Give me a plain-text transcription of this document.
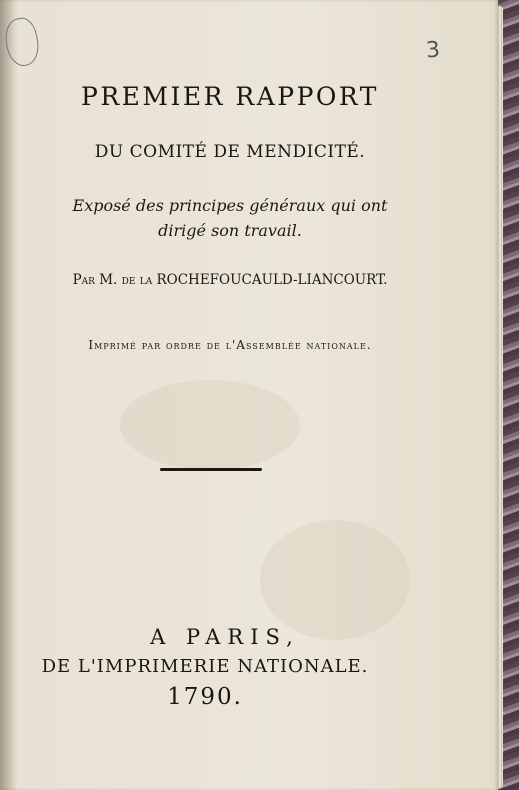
3
PREMIER RAPPORT
DU COMITÉ DE MENDICITÉ.
Exposé des principes généraux qui ont dirigé son travail.
Par M. de la ROCHEFOUCAULD-LIANCOURT.
Imprimé par ordre de l'Assemblée nationale.
A PARIS,
DE L'IMPRIMERIE NATIONALE.
1790.
